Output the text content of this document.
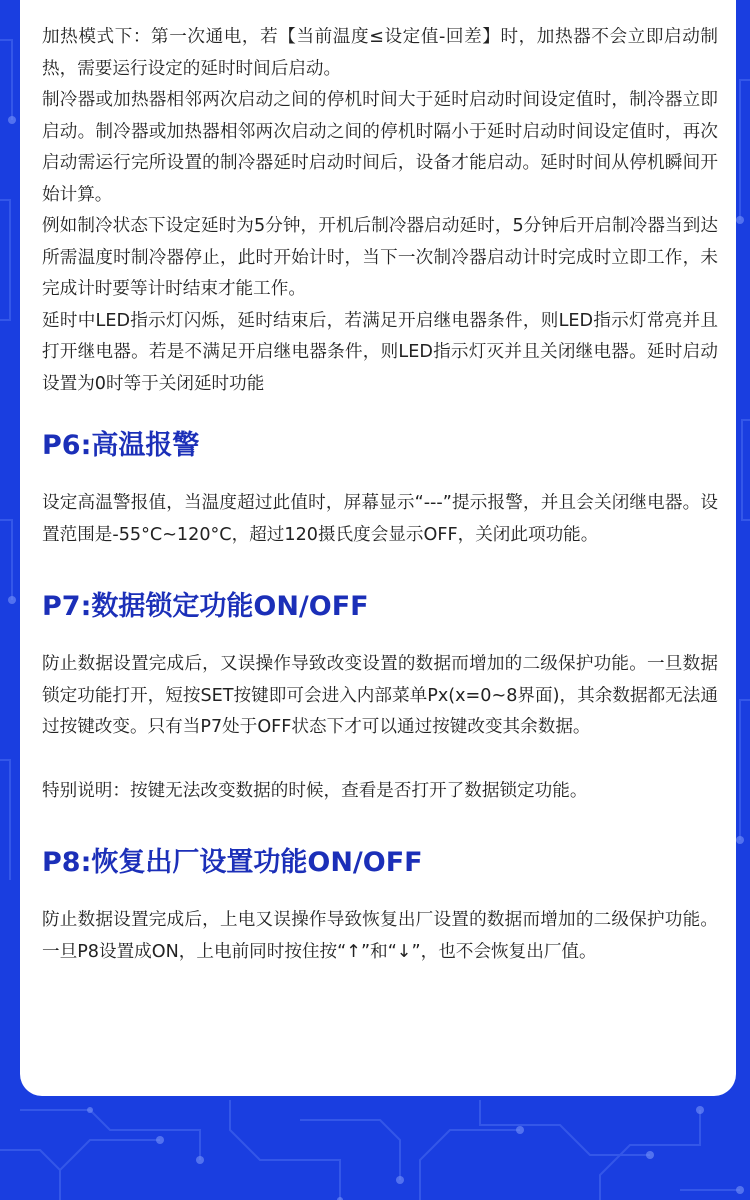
加热模式下：第一次通电，若【当前温度≤设定值-回差】时，加热器不会立即启动制热，需要运行设定的延时时间后启动。

制冷器或加热器相邻两次启动之间的停机时间大于延时启动时间设定值时，制冷器立即启动。制冷器或加热器相邻两次启动之间的停机时隔小于延时启动时间设定值时，再次启动需运行完所设置的制冷器延时启动时间后，设备才能启动。延时时间从停机瞬间开始计算。

例如制冷状态下设定延时为5分钟，开机后制冷器启动延时，5分钟后开启制冷器当到达所需温度时制冷器停止，此时开始计时，当下一次制冷器启动计时完成时立即工作，未完成计时要等计时结束才能工作。

延时中LED指示灯闪烁，延时结束后，若满足开启继电器条件，则LED指示灯常亮并且打开继电器。若是不满足开启继电器条件，则LED指示灯灭并且关闭继电器。延时启动设置为0时等于关闭延时功能

P6:高温报警

设定高温警报值，当温度超过此值时，屏幕显示“---”提示报警，并且会关闭继电器。设置范围是-55°C~120°C，超过120摄氏度会显示OFF，关闭此项功能。

P7:数据锁定功能ON/OFF

防止数据设置完成后，又误操作导致改变设置的数据而增加的二级保护功能。一旦数据锁定功能打开，短按SET按键即可会进入内部菜单Px(x=0~8界面)，其余数据都无法通过按键改变。只有当P7处于OFF状态下才可以通过按键改变其余数据。

特别说明：按键无法改变数据的时候，查看是否打开了数据锁定功能。

P8:恢复出厂设置功能ON/OFF

防止数据设置完成后，上电又误操作导致恢复出厂设置的数据而增加的二级保护功能。一旦P8设置成ON，上电前同时按住按“↑”和“↓”，也不会恢复出厂值。
